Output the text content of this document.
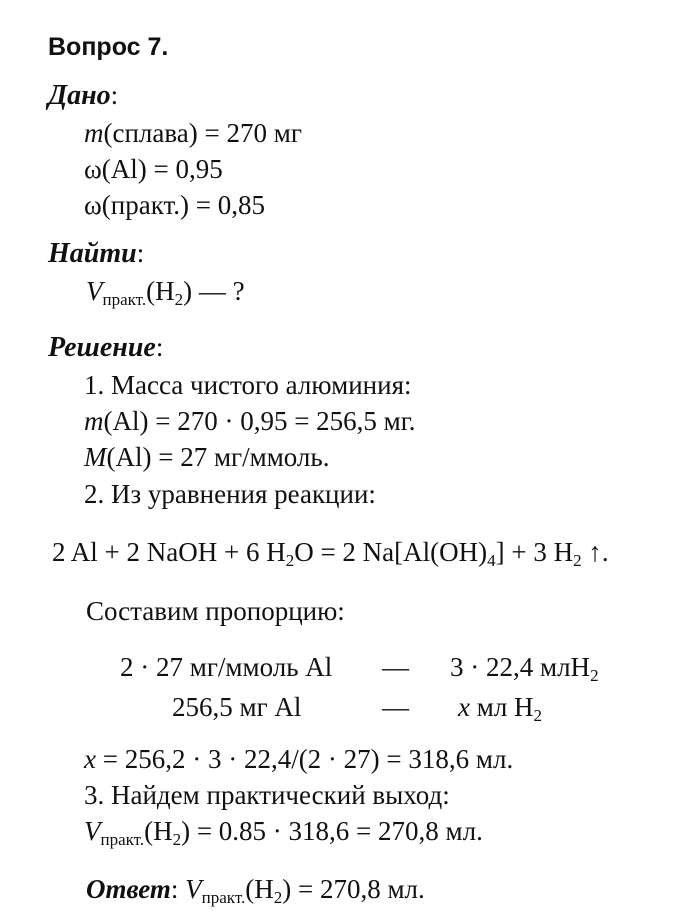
Вопрос 7.
Дано:
m(сплава) = 270 мг
ω(Al) = 0,95
ω(практ.) = 0,85
Найти:
$V_{практ.}(H_2)$ — ?
Решение:
1. Масса чистого алюминия:
m(Al) = 270 · 0,95 = 256,5 мг.
M(Al) = 27 мг/ммоль.
2. Из уравнения реакции:
2 Al + 2 NaOH + 6 $H_2O = 2$ $Na[Al(OH)_4] + 3$ $H_2$ ↑.
Составим пропорцию:
2 · 27 мг/ммоль Al — 3 · 22,4 млH$_2$
256,5 мг Al	— x мл $H_2$
x = 256,2 · 3 · 22,4/(2 · 27) = 318,6 мл.
3. Найдем практический выход:
$V_{практ.}(H_2) = 0.85 \cdot 318,6 = 270,8$ мл.
Ответ: $V_{практ.}(H_2) = 270,8$ мл.
